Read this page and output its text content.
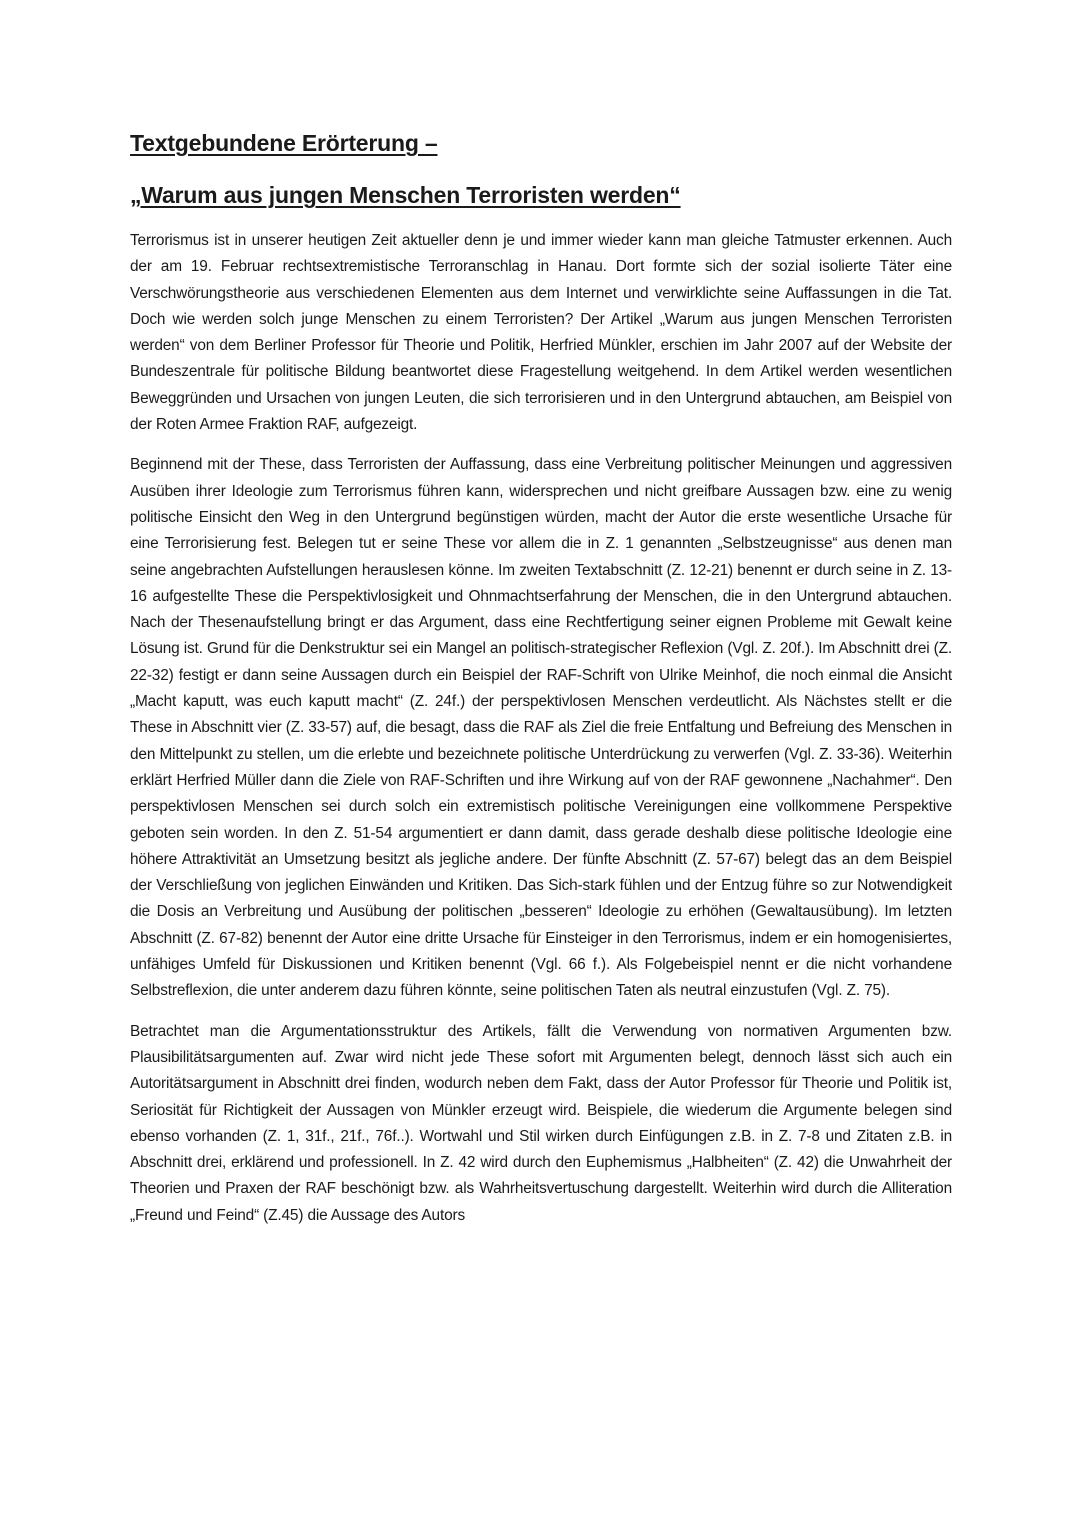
Textgebundene Erörterung –
„Warum aus jungen Menschen Terroristen werden“

Terrorismus ist in unserer heutigen Zeit aktueller denn je und immer wieder kann man gleiche Tatmuster erkennen. Auch der am 19. Februar rechtsextremistische Terroranschlag in Hanau. Dort formte sich der sozial isolierte Täter eine Verschwörungstheorie aus verschiedenen Elementen aus dem Internet und verwirklichte seine Auffassungen in die Tat. Doch wie werden solch junge Menschen zu einem Terroristen? Der Artikel „Warum aus jungen Menschen Terroristen werden“ von dem Berliner Professor für Theorie und Politik, Herfried Münkler, erschien im Jahr 2007 auf der Website der Bundeszentrale für politische Bildung beantwortet diese Fragestellung weitgehend. In dem Artikel werden wesentlichen Beweggründen und Ursachen von jungen Leuten, die sich terrorisieren und in den Untergrund abtauchen, am Beispiel von der Roten Armee Fraktion RAF, aufgezeigt.

Beginnend mit der These, dass Terroristen der Auffassung, dass eine Verbreitung politischer Meinungen und aggressiven Ausüben ihrer Ideologie zum Terrorismus führen kann, widersprechen und nicht greifbare Aussagen bzw. eine zu wenig politische Einsicht den Weg in den Untergrund begünstigen würden, macht der Autor die erste wesentliche Ursache für eine Terrorisierung fest. Belegen tut er seine These vor allem die in Z. 1 genannten „Selbstzeugnisse“ aus denen man seine angebrachten Aufstellungen herauslesen könne. Im zweiten Textabschnitt (Z. 12-21) benennt er durch seine in Z. 13-16 aufgestellte These die Perspektivlosigkeit und Ohnmachtserfahrung der Menschen, die in den Untergrund abtauchen. Nach der Thesenaufstellung bringt er das Argument, dass eine Rechtfertigung seiner eignen Probleme mit Gewalt keine Lösung ist. Grund für die Denkstruktur sei ein Mangel an politisch-strategischer Reflexion (Vgl. Z. 20f.). Im Abschnitt drei (Z. 22-32) festigt er dann seine Aussagen durch ein Beispiel der RAF-Schrift von Ulrike Meinhof, die noch einmal die Ansicht „Macht kaputt, was euch kaputt macht“ (Z. 24f.) der perspektivlosen Menschen verdeutlicht. Als Nächstes stellt er die These in Abschnitt vier (Z. 33-57) auf, die besagt, dass die RAF als Ziel die freie Entfaltung und Befreiung des Menschen in den Mittelpunkt zu stellen, um die erlebte und bezeichnete politische Unterdrückung zu verwerfen (Vgl. Z. 33-36). Weiterhin erklärt Herfried Müller dann die Ziele von RAF-Schriften und ihre Wirkung auf von der RAF gewonnene „Nachahmer“. Den perspektivlosen Menschen sei durch solch ein extremistisch politische Vereinigungen eine vollkommene Perspektive geboten sein worden. In den Z. 51-54 argumentiert er dann damit, dass gerade deshalb diese politische Ideologie eine höhere Attraktivität an Umsetzung besitzt als jegliche andere. Der fünfte Abschnitt (Z. 57-67) belegt das an dem Beispiel der Verschließung von jeglichen Einwänden und Kritiken. Das Sich-stark fühlen und der Entzug führe so zur Notwendigkeit die Dosis an Verbreitung und Ausübung der politischen „besseren“ Ideologie zu erhöhen (Gewaltausübung). Im letzten Abschnitt (Z. 67-82) benennt der Autor eine dritte Ursache für Einsteiger in den Terrorismus, indem er ein homogenisiertes, unfähiges Umfeld für Diskussionen und Kritiken benennt (Vgl. 66 f.). Als Folgebeispiel nennt er die nicht vorhandene Selbstreflexion, die unter anderem dazu führen könnte, seine politischen Taten als neutral einzustufen (Vgl. Z. 75).

Betrachtet man die Argumentationsstruktur des Artikels, fällt die Verwendung von normativen Argumenten bzw. Plausibilitätsargumenten auf. Zwar wird nicht jede These sofort mit Argumenten belegt, dennoch lässt sich auch ein Autoritätsargument in Abschnitt drei finden, wodurch neben dem Fakt, dass der Autor Professor für Theorie und Politik ist, Seriosität für Richtigkeit der Aussagen von Münkler erzeugt wird. Beispiele, die wiederum die Argumente belegen sind ebenso vorhanden (Z. 1, 31f., 21f., 76f..). Wortwahl und Stil wirken durch Einfügungen z.B. in Z. 7-8 und Zitaten z.B. in Abschnitt drei, erklärend und professionell. In Z. 42 wird durch den Euphemismus „Halbheiten“ (Z. 42) die Unwahrheit der Theorien und Praxen der RAF beschönigt bzw. als Wahrheitsvertuschung dargestellt. Weiterhin wird durch die Alliteration „Freund und Feind“ (Z.45) die Aussage des Autors
